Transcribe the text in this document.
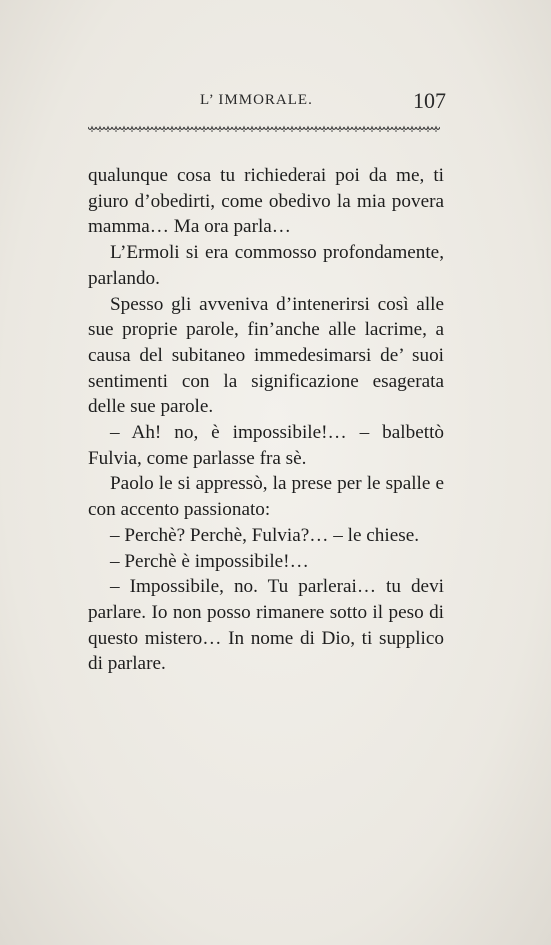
L’ IMMORALE.	107

qualunque cosa tu richiederai poi da me, ti giuro d’obedirti, come obedivo la mia povera mamma… Ma ora parla…

L’Ermoli si era commosso profondamente, parlando.

Spesso gli avveniva d’intenerirsi così alle sue proprie parole, fin’anche alle lacrime, a causa del subitaneo immedesimarsi de’ suoi sentimenti con la significazione esagerata delle sue parole.

– Ah! no, è impossibile!… – balbettò Fulvia, come parlasse fra sè.

Paolo le si appressò, la prese per le spalle e con accento passionato:

– Perchè? Perchè, Fulvia?… – le chiese.

– Perchè è impossibile!…

– Impossibile, no. Tu parlerai… tu devi parlare. Io non posso rimanere sotto il peso di questo mistero… In nome di Dio, ti supplico di parlare.
